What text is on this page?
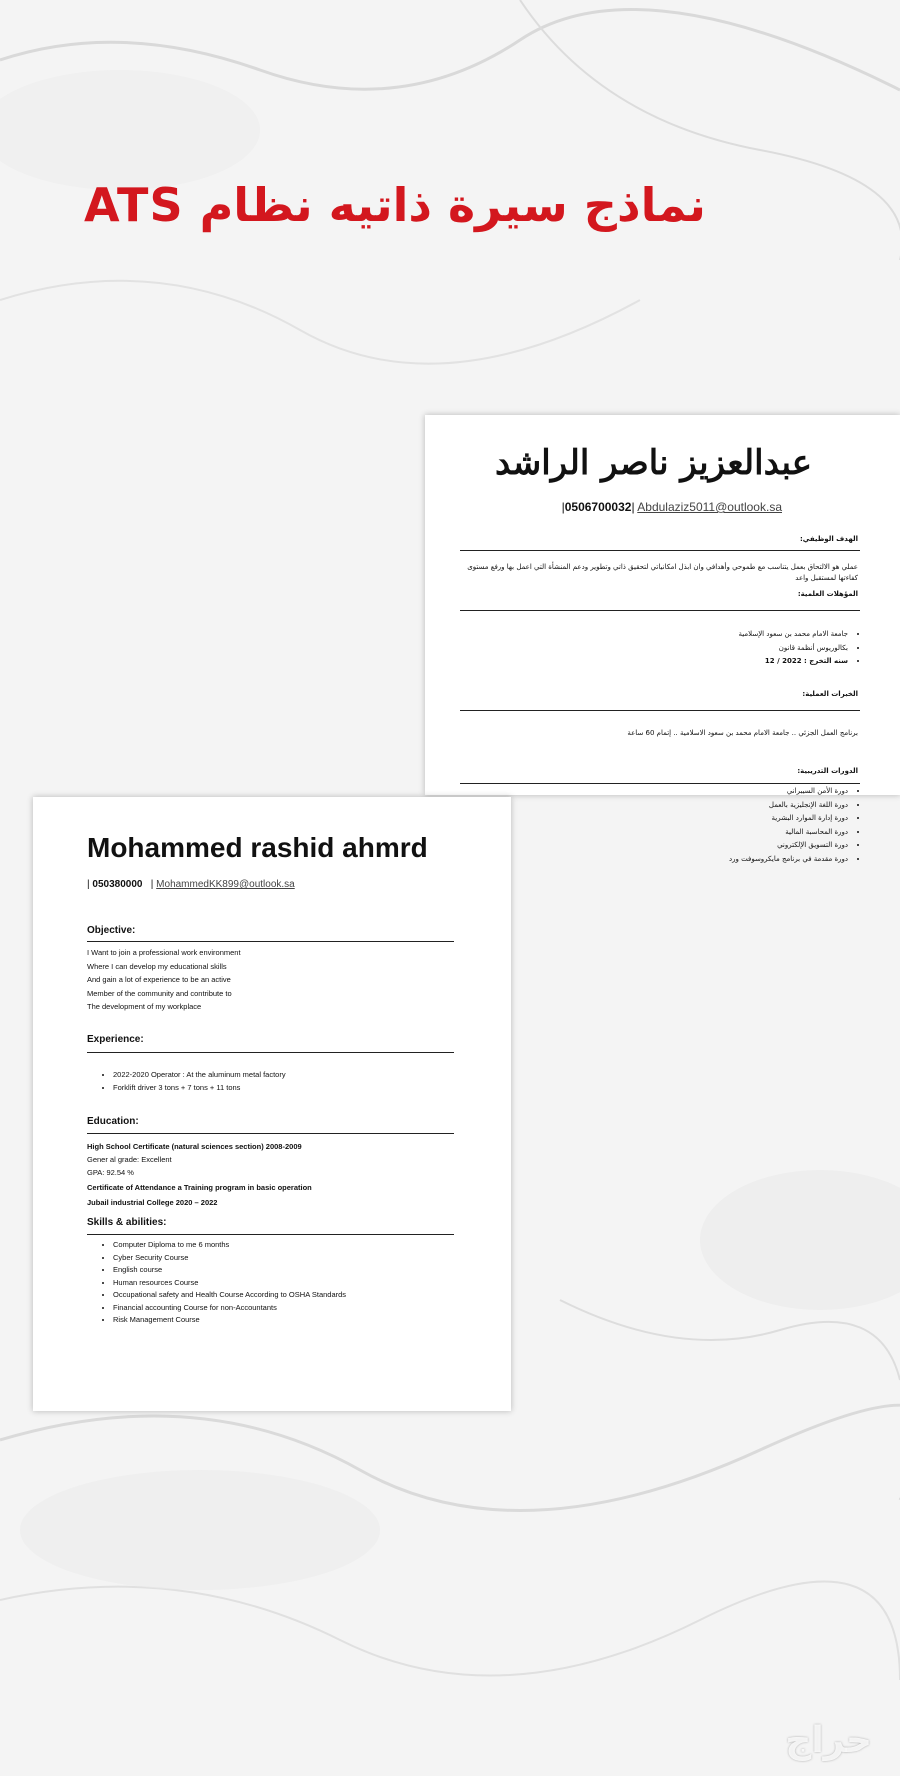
نماذج سيرة ذاتيه نظام ATS
عبدالعزيز ناصر الراشد
|0506700032| Abdulaziz5011@outlook.sa
الهدف الوظيفي:
عملي هو الالتحاق بعمل يتناسب مع طموحي وأهدافي وان ابذل امكانياتي لتحقيق ذاتي وتطوير ودعم المنشأة التي اعمل بها ورفع مستوى كفاءتها لمستقبل واعد
المؤهلات العلمية:
• جامعة الامام محمد بن سعود الإسلامية
• بكالوريوس أنظمة قانون
• سنه التخرج : 2022 / 12
الخبرات العملية:
برنامج العمل الجزئي .. جامعة الامام محمد بن سعود الاسلامية .. إتمام 60 ساعة
الدورات التدريبية:
• دورة الأمن السيبراني
• دورة اللغة الإنجليزية بالعمل
• دورة إدارة الموارد البشرية
• دورة المحاسبة المالية
• دورة التسويق الإلكتروني
• دورة مقدمة في برنامج مايكروسوفت ورد
Mohammed rashid ahmrd
| 050380000   | MohammedKK899@outlook.sa
Objective:
I Want to join a professional work environment
Where I can develop my educational skills
And gain a lot of experience to be an active
Member of the community and contribute to
The development of my workplace
Experience:
• 2022-2020 Operator : At the aluminum metal factory
• Forklift driver 3 tons + 7 tons + 11 tons
Education:
High School Certificate (natural sciences section) 2008-2009
Gener al grade: Excellent
GPA: 92.54 %
Certificate of Attendance a Training program in basic operation
Jubail industrial College 2020 – 2022
Skills & abilities:
• Computer Diploma to me 6 months
• Cyber Security Course
• English course
• Human resources Course
• Occupational safety and Health Course According to OSHA Standards
• Financial accounting Course for non-Accountants
• Risk Management Course
حراج
